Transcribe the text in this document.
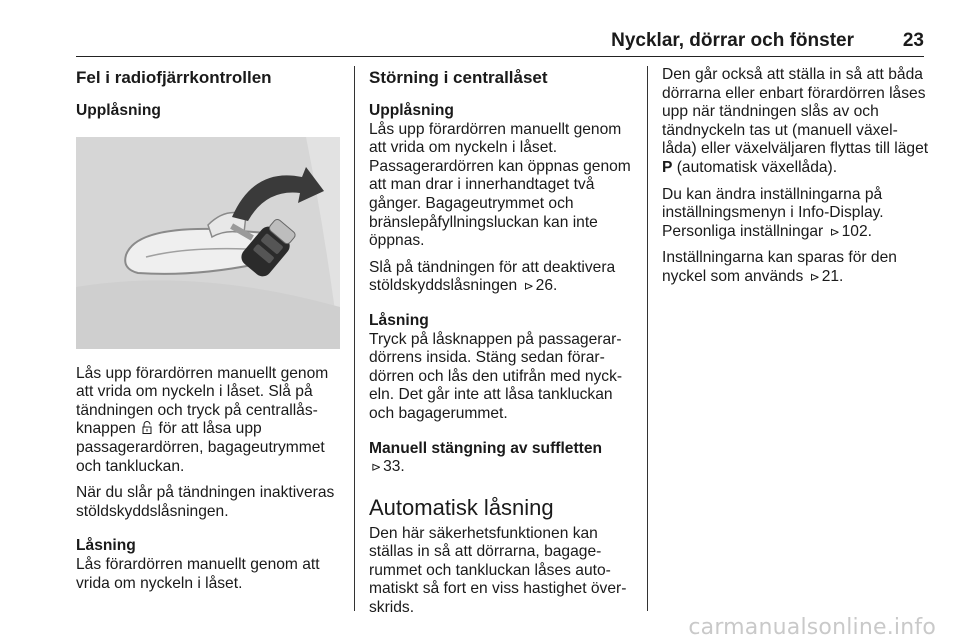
Nycklar, dörrar och fönster	23
Fel i radiofjärrkontrollen
Upplåsning

Lås upp förardörren manuellt genom att vrida om nyckeln i låset. Slå på tändningen och tryck på centrallås-knappen  för att låsa upp passagerardörren, bagageutrymmet och tankluckan.

När du slår på tändningen inaktiveras stöldskyddslåsningen.

Låsning

Lås förardörren manuellt genom att vrida om nyckeln i låset.

Störning i centrallåset
Upplåsning

Lås upp förardörren manuellt genom att vrida om nyckeln i låset. Passagerardörren kan öppnas genom att man drar i innerhandtaget två gånger. Bagageutrymmet och bränslepåfyllningsluckan kan inte öppnas.

Slå på tändningen för att deaktivera stöldskyddslåsningen ⊳ 26.

Låsning

Tryck på låsknappen på passagerar-dörrens insida. Stäng sedan förar-dörren och lås den utifrån med nyck-eln. Det går inte att låsa tankluckan och bagagerummet.

Manuell stängning av suffletten

⊳ 33.

Automatisk låsning

Den här säkerhetsfunktionen kan ställas in så att dörrarna, bagage-rummet och tankluckan låses auto-matiskt så fort en viss hastighet över-skrids.

Den går också att ställa in så att båda dörrarna eller enbart förardörren låses upp när tändningen slås av och tändnyckeln tas ut (manuell växel-låda) eller växelväljaren flyttas till läget P (automatisk växellåda).

Du kan ändra inställningarna på inställningsmenyn i Info-Display. Personliga inställningar ⊳ 102.

Inställningarna kan sparas för den nyckel som används ⊳ 21.

carmanualsonline.info
